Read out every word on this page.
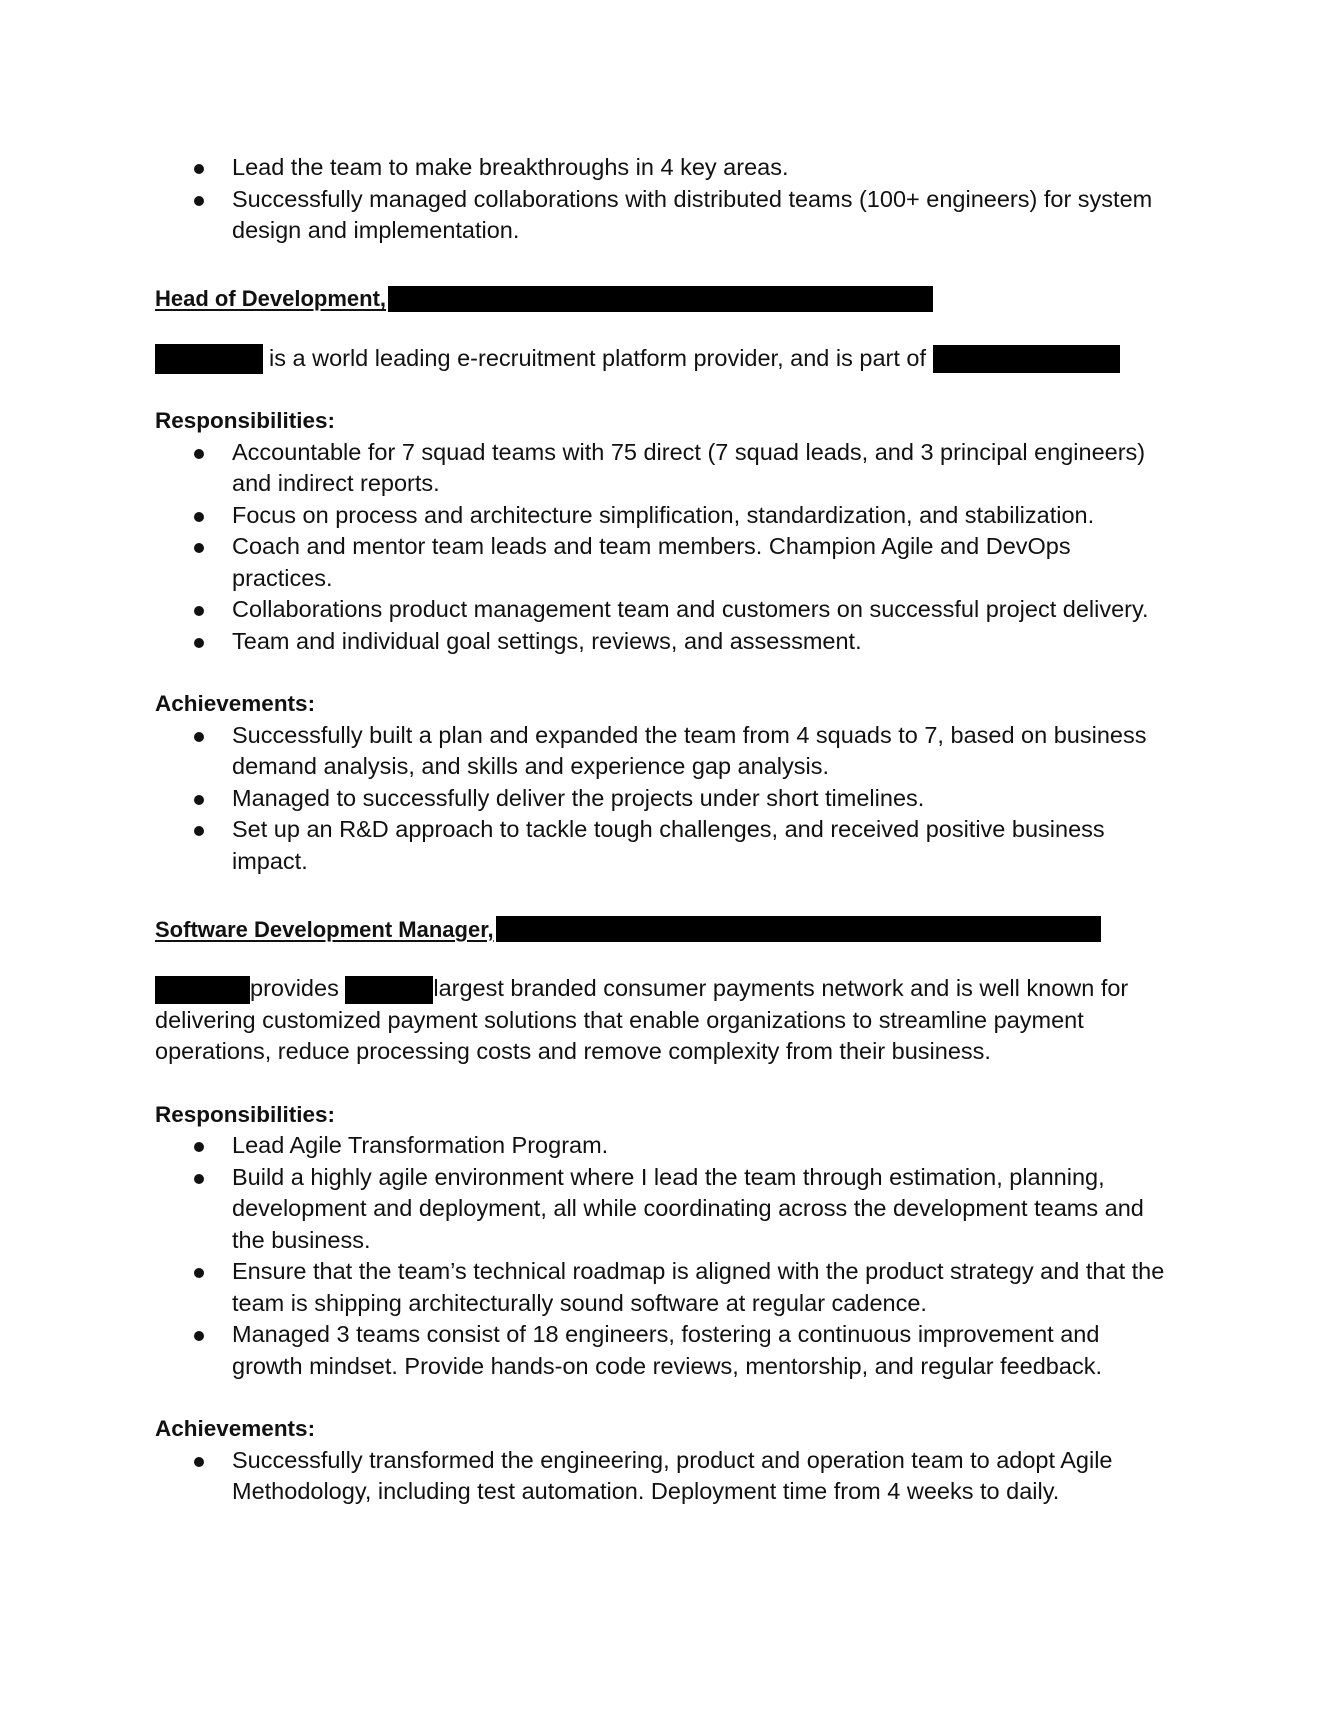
Lead the team to make breakthroughs in 4 key areas.
Successfully managed collaborations with distributed teams (100+ engineers) for system design and implementation.
Head of Development,

is a world leading e-recruitment platform provider, and is part of

Responsibilities:
Accountable for 7 squad teams with 75 direct (7 squad leads, and 3 principal engineers) and indirect reports.
Focus on process and architecture simplification, standardization, and stabilization.
Coach and mentor team leads and team members. Champion Agile and DevOps practices.
Collaborations product management team and customers on successful project delivery.
Team and individual goal settings, reviews, and assessment.
Achievements:
Successfully built a plan and expanded the team from 4 squads to 7, based on business demand analysis, and skills and experience gap analysis.
Managed to successfully deliver the projects under short timelines.
Set up an R&D approach to tackle tough challenges, and received positive business impact.
Software Development Manager,

provides	largest branded consumer payments network and is well known for delivering customized payment solutions that enable organizations to streamline payment operations, reduce processing costs and remove complexity from their business.

Responsibilities:
Lead Agile Transformation Program.
Build a highly agile environment where I lead the team through estimation, planning, development and deployment, all while coordinating across the development teams and the business.
Ensure that the team’s technical roadmap is aligned with the product strategy and that the team is shipping architecturally sound software at regular cadence.
Managed 3 teams consist of 18 engineers, fostering a continuous improvement and growth mindset. Provide hands-on code reviews, mentorship, and regular feedback.
Achievements:
Successfully transformed the engineering, product and operation team to adopt Agile Methodology, including test automation. Deployment time from 4 weeks to daily.
